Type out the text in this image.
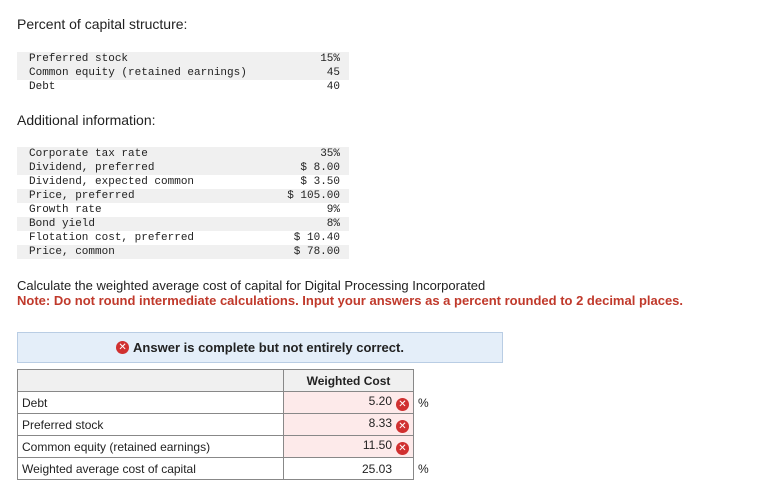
Percent of capital structure:
Preferred stock	15%
Common equity (retained earnings)	45
Debt	40
Additional information:
Corporate tax rate	35%
Dividend, preferred	$ 8.00
Dividend, expected common	$ 3.50
Price, preferred	$ 105.00
Growth rate	9%
Bond yield	8%
Flotation cost, preferred	$ 10.40
Price, common	$ 78.00
Calculate the weighted average cost of capital for Digital Processing Incorporated
Note: Do not round intermediate calculations. Input your answers as a percent rounded to 2 decimal places.
✕ Answer is complete but not entirely correct.
	Weighted Cost	
Debt	5.20 ✕	%
Preferred stock	8.33 ✕	
Common equity (retained earnings)	11.50 ✕	
Weighted average cost of capital	25.03	%
